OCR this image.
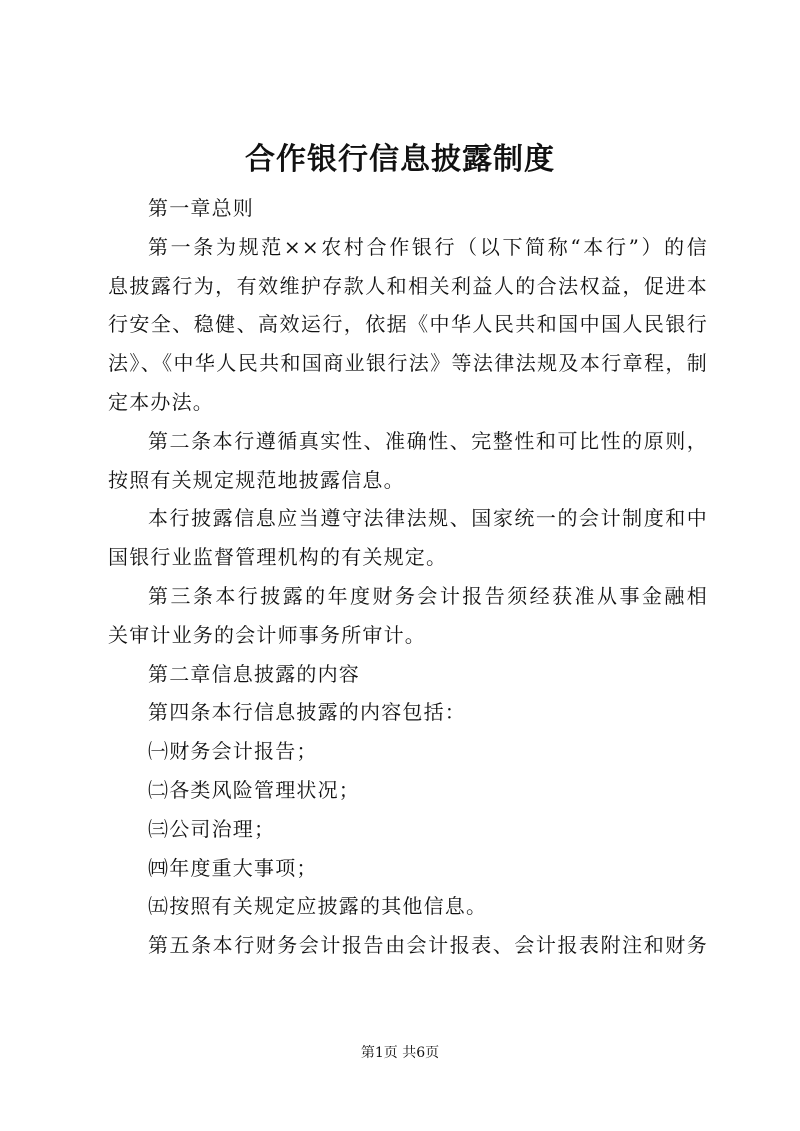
合作银行信息披露制度
第一章总则
第一条为规范××农村合作银行（以下简称“本行”）的信
息披露行为，有效维护存款人和相关利益人的合法权益，促进本
行安全、稳健、高效运行，依据《中华人民共和国中国人民银行
法》、《中华人民共和国商业银行法》等法律法规及本行章程，制
定本办法。
第二条本行遵循真实性、准确性、完整性和可比性的原则，
按照有关规定规范地披露信息。
本行披露信息应当遵守法律法规、国家统一的会计制度和中
国银行业监督管理机构的有关规定。
第三条本行披露的年度财务会计报告须经获准从事金融相
关审计业务的会计师事务所审计。
第二章信息披露的内容
第四条本行信息披露的内容包括：
㈠财务会计报告；
㈡各类风险管理状况；
㈢公司治理；
㈣年度重大事项；
㈤按照有关规定应披露的其他信息。
第五条本行财务会计报告由会计报表、会计报表附注和财务
第1页 共6页
